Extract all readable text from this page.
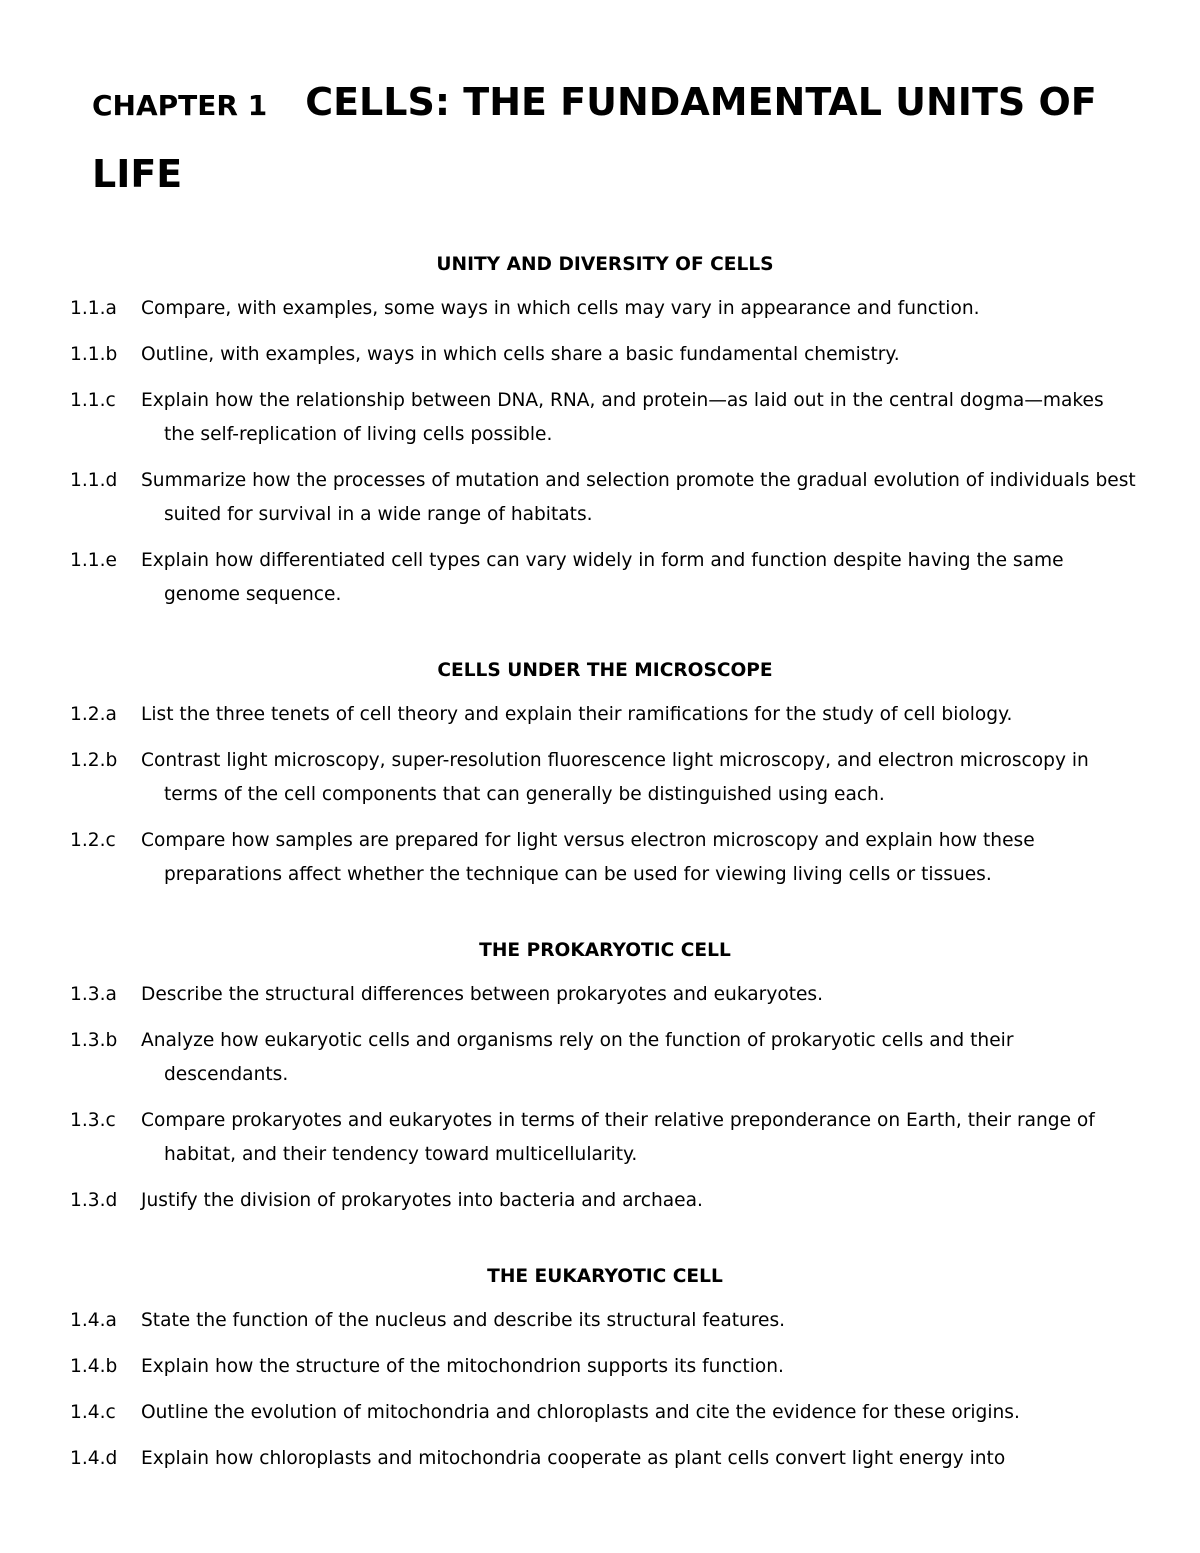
CHAPTER 1 CELLS: THE FUNDAMENTAL UNITS OF LIFE
UNITY AND DIVERSITY OF CELLS
1.1.a Compare, with examples, some ways in which cells may vary in appearance and function.
1.1.b Outline, with examples, ways in which cells share a basic fundamental chemistry.
1.1.c Explain how the relationship between DNA, RNA, and protein—as laid out in the central dogma—makes the self-replication of living cells possible.
1.1.d Summarize how the processes of mutation and selection promote the gradual evolution of individuals best suited for survival in a wide range of habitats.
1.1.e Explain how differentiated cell types can vary widely in form and function despite having the same genome sequence.
CELLS UNDER THE MICROSCOPE
1.2.a List the three tenets of cell theory and explain their ramifications for the study of cell biology.
1.2.b Contrast light microscopy, super-resolution fluorescence light microscopy, and electron microscopy in terms of the cell components that can generally be distinguished using each.
1.2.c Compare how samples are prepared for light versus electron microscopy and explain how these preparations affect whether the technique can be used for viewing living cells or tissues.
THE PROKARYOTIC CELL
1.3.a Describe the structural differences between prokaryotes and eukaryotes.
1.3.b Analyze how eukaryotic cells and organisms rely on the function of prokaryotic cells and their descendants.
1.3.c Compare prokaryotes and eukaryotes in terms of their relative preponderance on Earth, their range of habitat, and their tendency toward multicellularity.
1.3.d Justify the division of prokaryotes into bacteria and archaea.
THE EUKARYOTIC CELL
1.4.a State the function of the nucleus and describe its structural features.
1.4.b Explain how the structure of the mitochondrion supports its function.
1.4.c Outline the evolution of mitochondria and chloroplasts and cite the evidence for these origins.
1.4.d Explain how chloroplasts and mitochondria cooperate as plant cells convert light energy into
